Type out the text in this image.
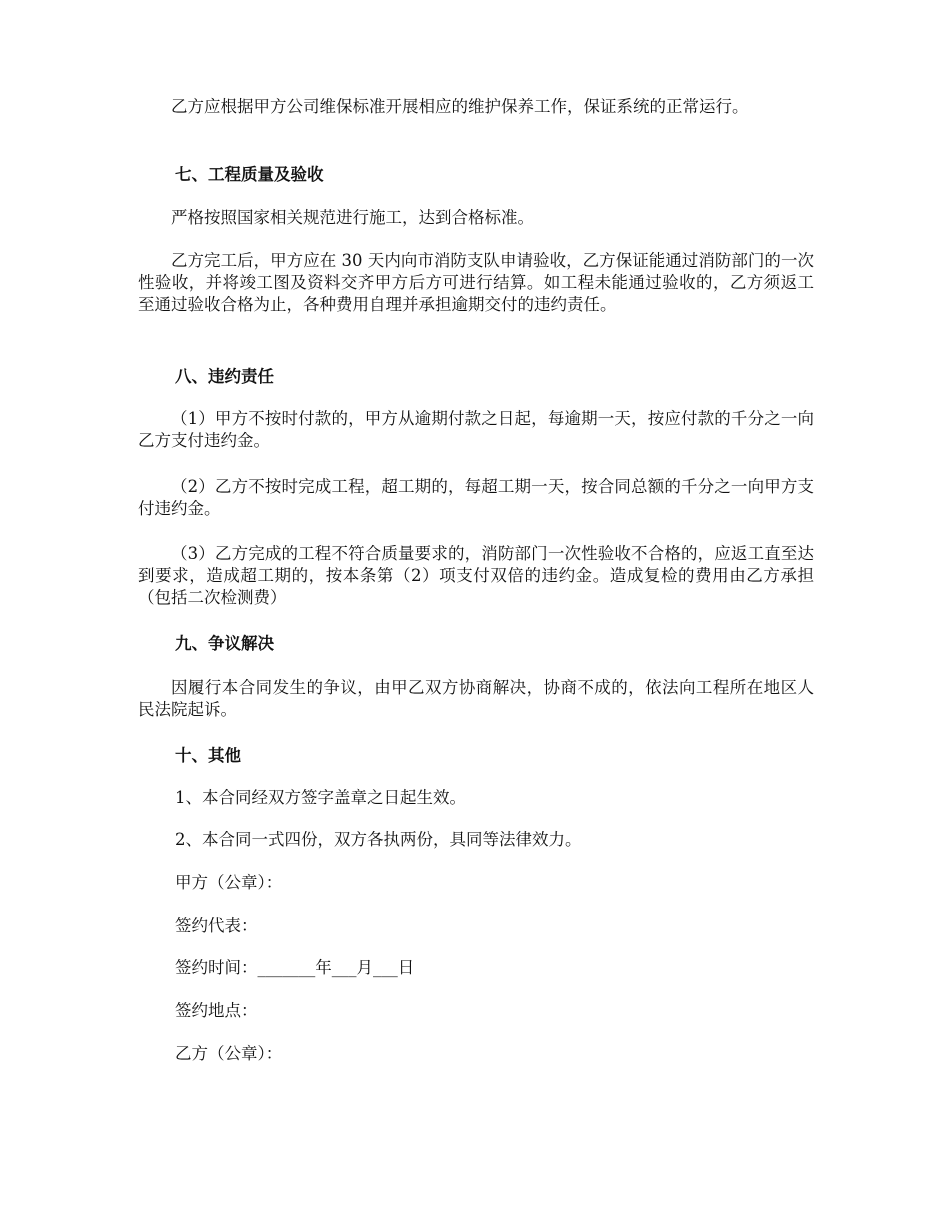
乙方应根据甲方公司维保标准开展相应的维护保养工作，保证系统的正常运行。

七、工程质量及验收

严格按照国家相关规范进行施工，达到合格标准。

乙方完工后，甲方应在 30 天内向市消防支队申请验收，乙方保证能通过消防部门的一次性验收，并将竣工图及资料交齐甲方后方可进行结算。如工程未能通过验收的，乙方须返工至通过验收合格为止，各种费用自理并承担逾期交付的违约责任。

八、违约责任

（1）甲方不按时付款的，甲方从逾期付款之日起，每逾期一天，按应付款的千分之一向乙方支付违约金。

（2）乙方不按时完成工程，超工期的，每超工期一天，按合同总额的千分之一向甲方支付违约金。

（3）乙方完成的工程不符合质量要求的，消防部门一次性验收不合格的，应返工直至达到要求，造成超工期的，按本条第（2）项支付双倍的违约金。造成复检的费用由乙方承担（包括二次检测费）

九、争议解决

因履行本合同发生的争议，由甲乙双方协商解决，协商不成的，依法向工程所在地区人民法院起诉。

十、其他

1、本合同经双方签字盖章之日起生效。

2、本合同一式四份，双方各执两份，具同等法律效力。

甲方（公章）：

签约代表：

签约时间：_______年___月___日

签约地点：

乙方（公章）：
